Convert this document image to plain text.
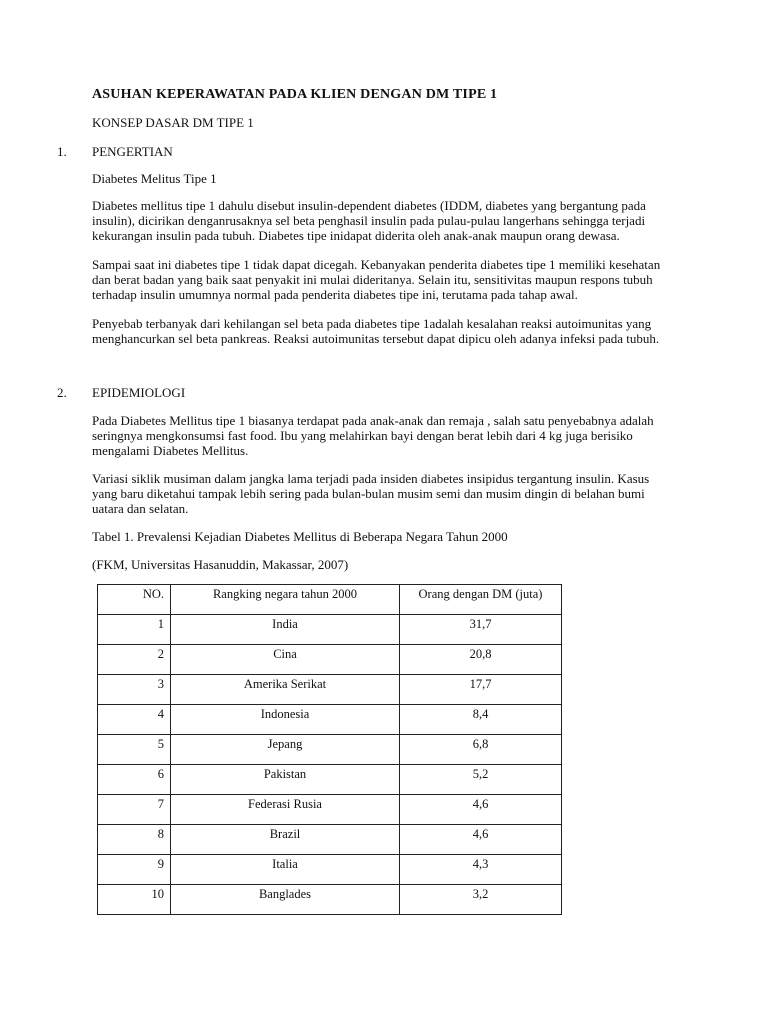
ASUHAN KEPERAWATAN PADA KLIEN DENGAN DM TIPE 1
KONSEP DASAR DM TIPE 1
1. PENGERTIAN
Diabetes Melitus Tipe 1
Diabetes mellitus tipe 1 dahulu disebut insulin-dependent diabetes (IDDM, diabetes yang bergantung pada
insulin), dicirikan denganrusaknya sel beta penghasil insulin pada pulau-pulau langerhans sehingga terjadi
kekurangan insulin pada tubuh. Diabetes tipe inidapat diderita oleh anak-anak maupun orang dewasa.
Sampai saat ini diabetes tipe 1 tidak dapat dicegah. Kebanyakan penderita diabetes tipe 1 memiliki kesehatan
dan berat badan yang baik saat penyakit ini mulai dideritanya. Selain itu, sensitivitas maupun respons tubuh
terhadap insulin umumnya normal pada penderita diabetes tipe ini, terutama pada tahap awal.
Penyebab terbanyak dari kehilangan sel beta pada diabetes tipe 1adalah kesalahan reaksi autoimunitas yang
menghancurkan sel beta pankreas. Reaksi autoimunitas tersebut dapat dipicu oleh adanya infeksi pada tubuh.
2. EPIDEMIOLOGI
Pada Diabetes Mellitus tipe 1 biasanya terdapat pada anak-anak dan remaja , salah satu penyebabnya adalah
seringnya mengkonsumsi fast food. Ibu yang melahirkan bayi dengan berat lebih dari 4 kg juga berisiko
mengalami Diabetes Mellitus.
Variasi siklik musiman dalam jangka lama terjadi pada insiden diabetes insipidus tergantung insulin. Kasus
yang baru diketahui tampak lebih sering pada bulan-bulan musim semi dan musim dingin di belahan bumi
uatara dan selatan.
Tabel 1. Prevalensi Kejadian Diabetes Mellitus di Beberapa Negara Tahun 2000
(FKM, Universitas Hasanuddin, Makassar, 2007)
NO.	Rangking negara tahun 2000	Orang dengan DM (juta)
1	India	31,7
2	Cina	20,8
3	Amerika Serikat	17,7
4	Indonesia	8,4
5	Jepang	6,8
6	Pakistan	5,2
7	Federasi Rusia	4,6
8	Brazil	4,6
9	Italia	4,3
10	Banglades	3,2
